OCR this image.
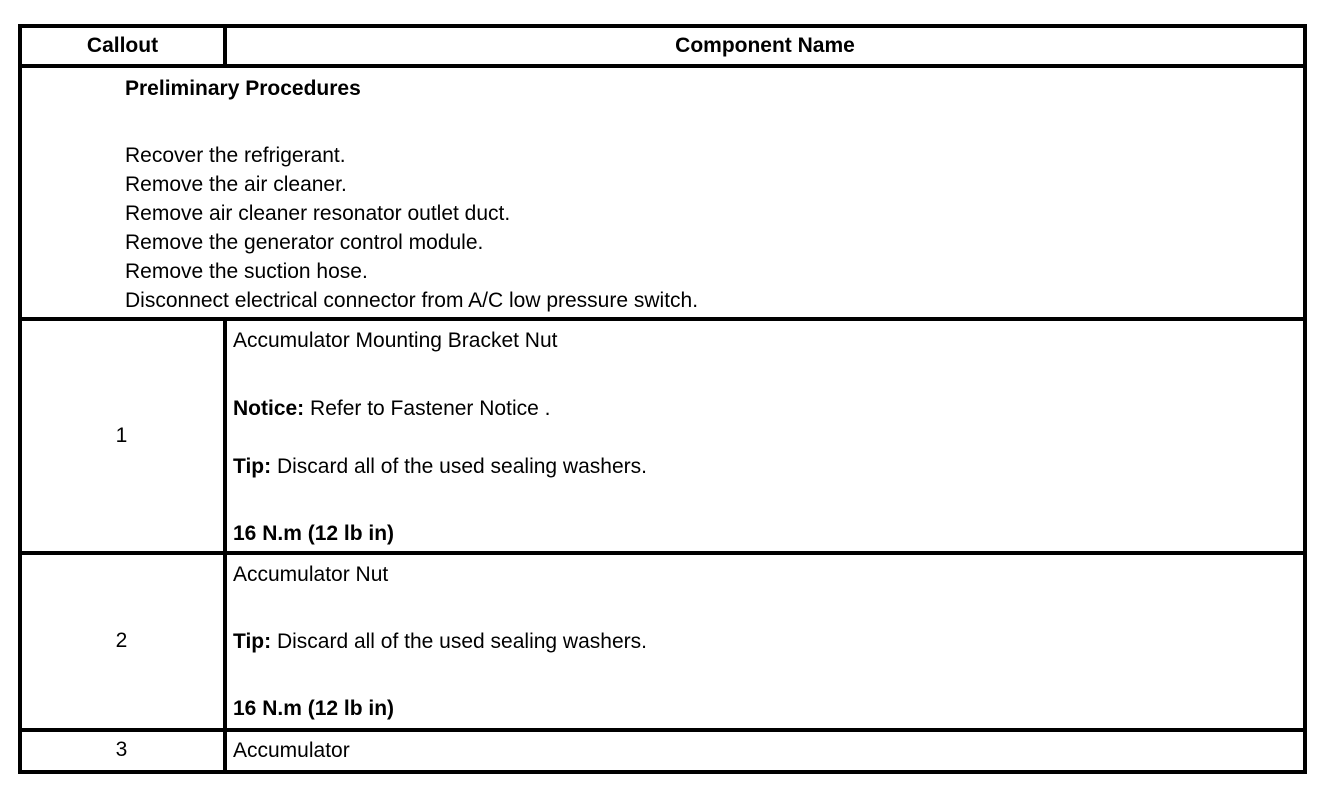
Callout	Component Name
Preliminary Procedures
Recover the refrigerant.
Remove the air cleaner.
Remove air cleaner resonator outlet duct.
Remove the generator control module.
Remove the suction hose.
Disconnect electrical connector from A/C low pressure switch.
1
Accumulator Mounting Bracket Nut
Notice: Refer to Fastener Notice .
Tip: Discard all of the used sealing washers.
16 N.m (12 lb in)
2
Accumulator Nut
Tip: Discard all of the used sealing washers.
16 N.m (12 lb in)
3	Accumulator
